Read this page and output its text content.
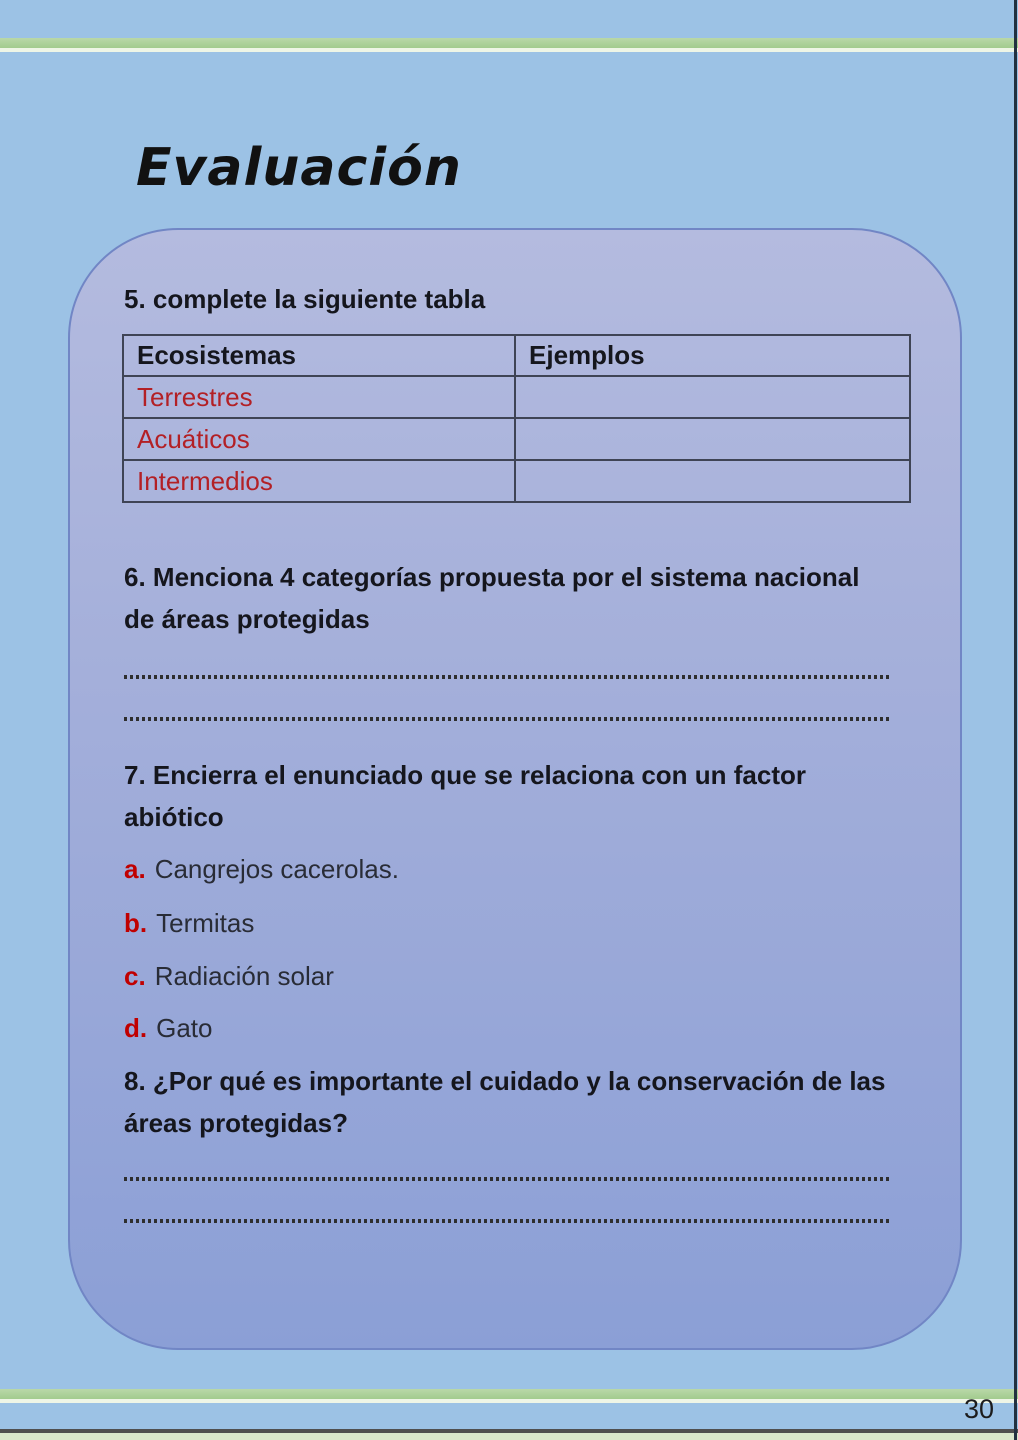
Evaluación
5. complete la siguiente tabla
Ecosistemas	Ejemplos
Terrestres	
Acuáticos	
Intermedios	
6. Menciona 4 categorías propuesta por el sistema nacional
de áreas protegidas
7. Encierra el enunciado que se relaciona con un factor
abiótico
a. Cangrejos cacerolas.
b. Termitas
c. Radiación solar
d. Gato
8. ¿Por qué es importante el cuidado y la conservación de las
áreas protegidas?
30
